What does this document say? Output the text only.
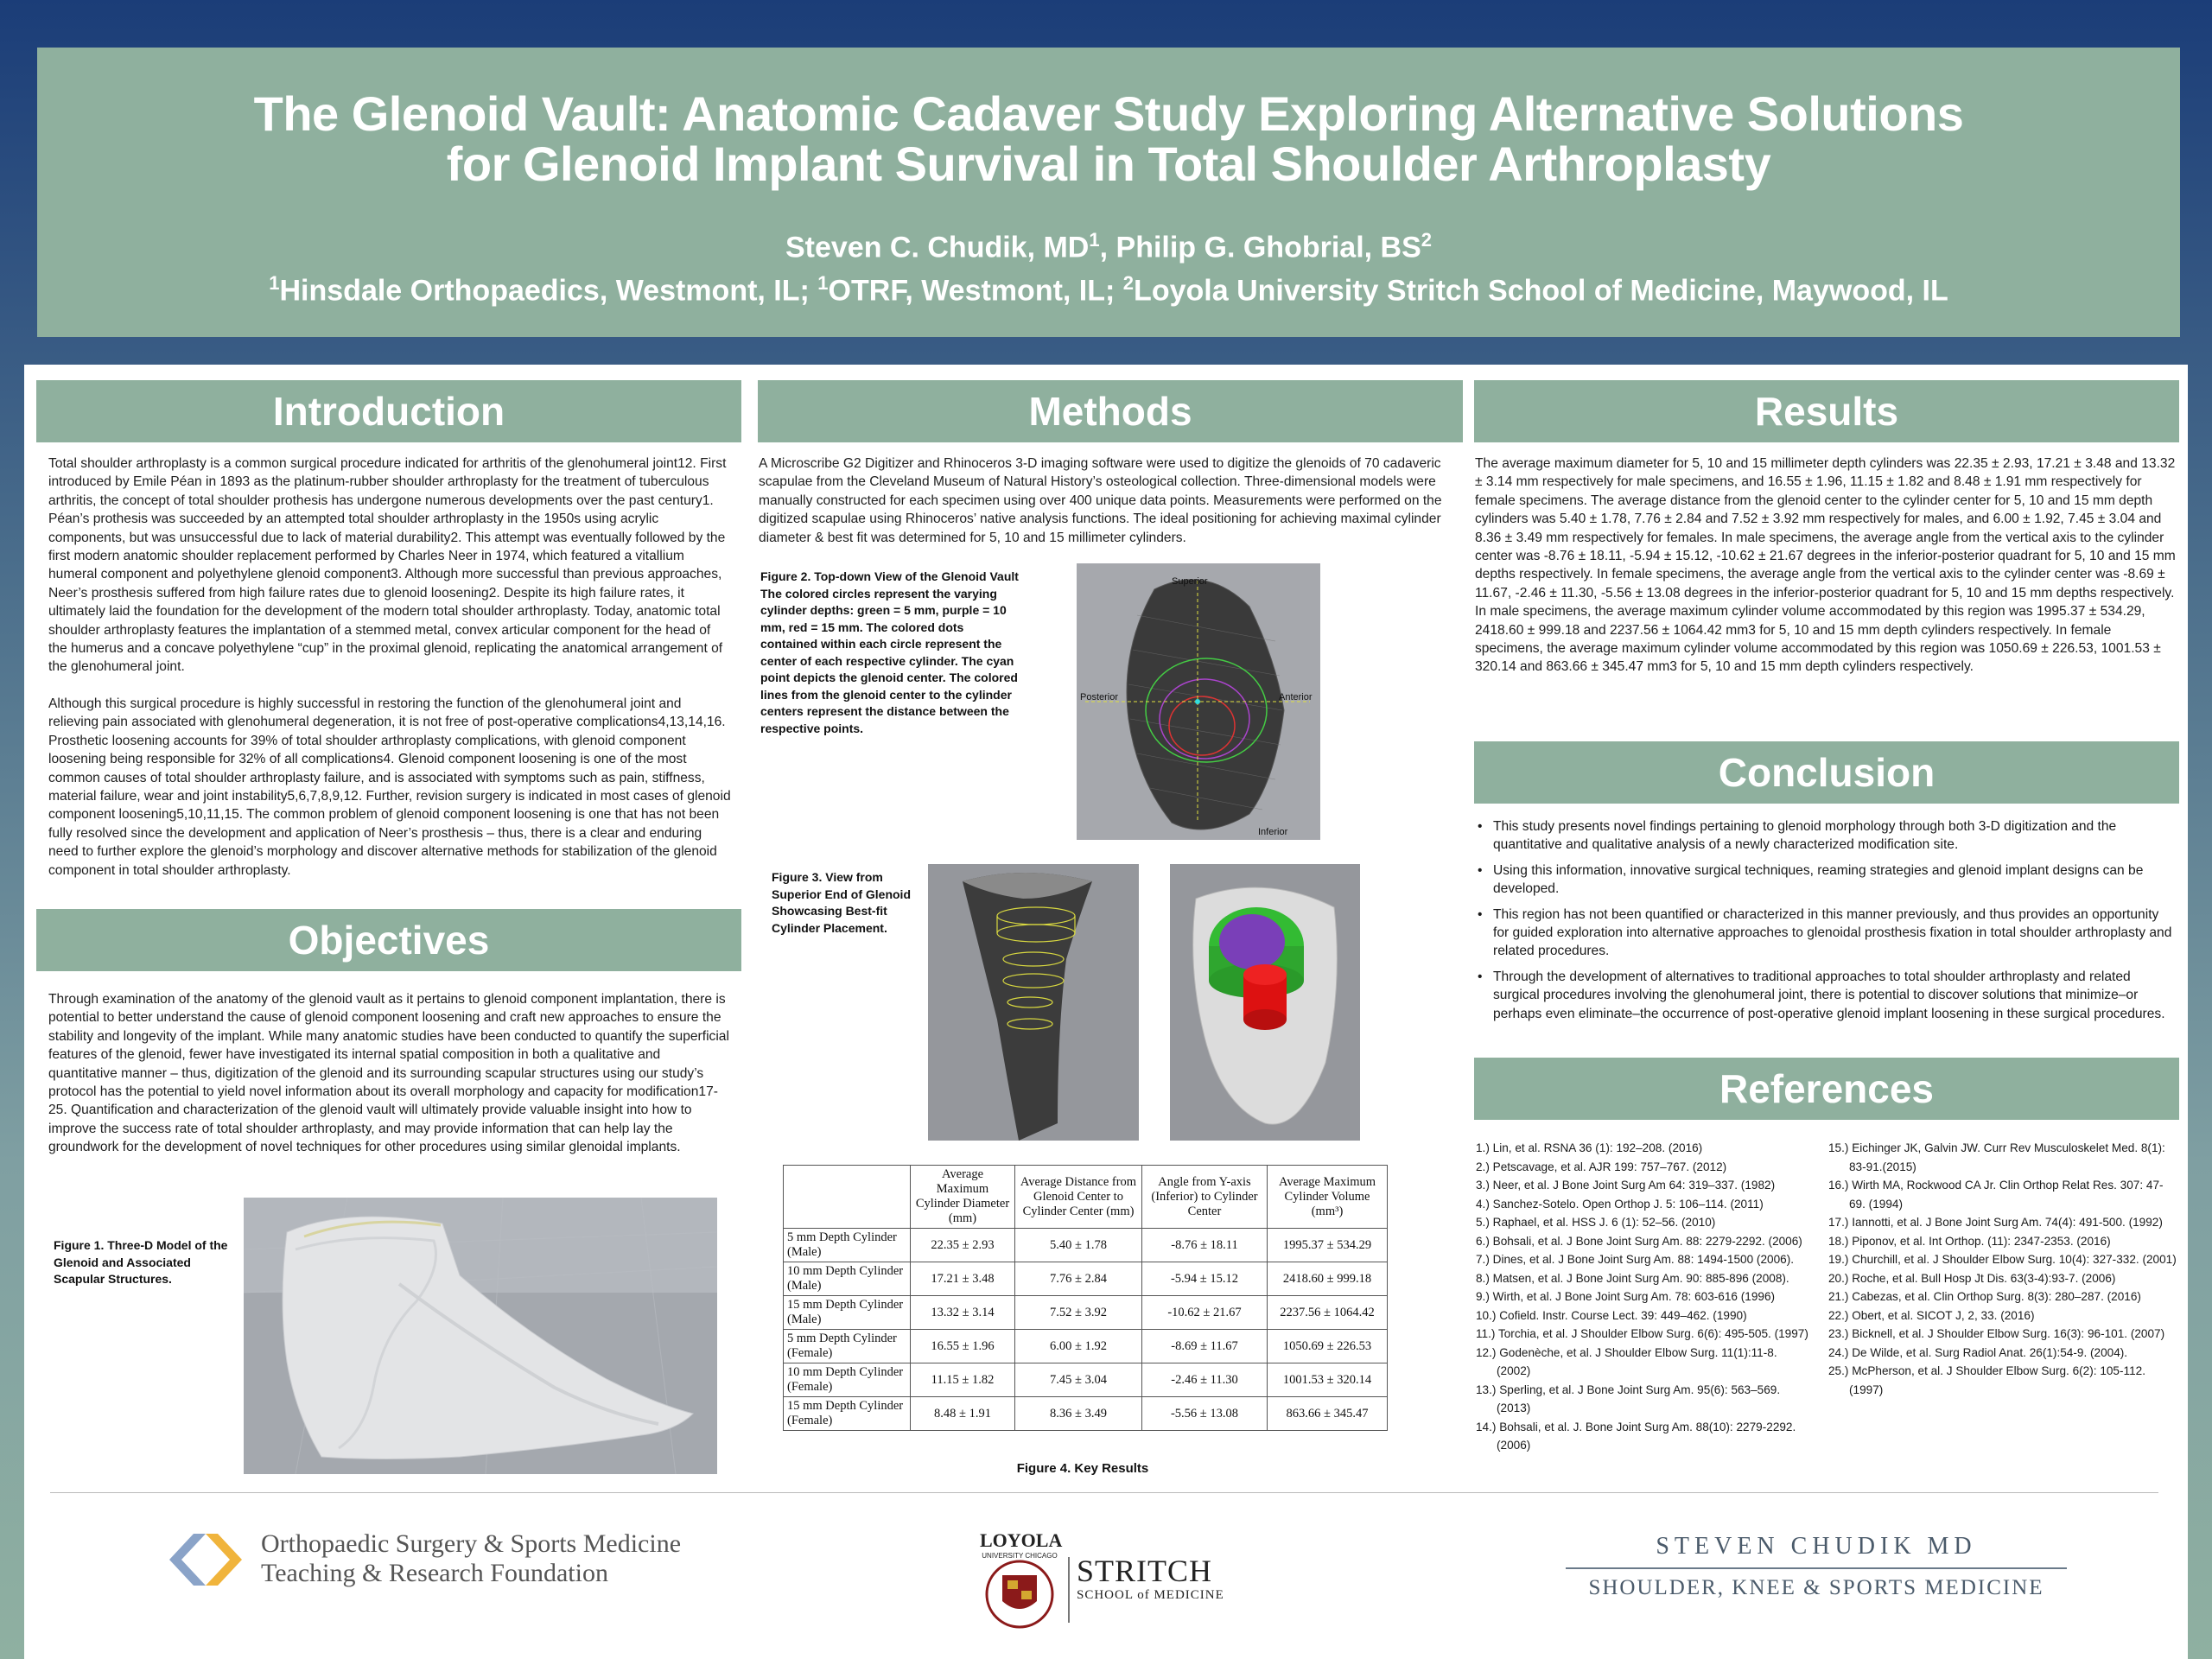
The Glenoid Vault: Anatomic Cadaver Study Exploring Alternative Solutions
for Glenoid Implant Survival in Total Shoulder Arthroplasty
Steven C. Chudik, $MD^1$, Philip G. Ghobrial, $BS^2$
$^1$Hinsdale Orthopaedics, Westmont, IL; $^1$OTRF, Westmont, IL; $^2$Loyola University Stritch School of Medicine, Maywood, IL
Introduction

Total shoulder arthroplasty is a common surgical procedure indicated for arthritis of the glenohumeral joint12. First introduced by Emile Péan in 1893 as the platinum-rubber shoulder arthroplasty for the treatment of tuberculous arthritis, the concept of total shoulder prothesis has undergone numerous developments over the past century1. Péan’s prothesis was succeeded by an attempted total shoulder arthroplasty in the 1950s using acrylic components, but was unsuccessful due to lack of material durability2. This attempt was eventually followed by the first modern anatomic shoulder replacement performed by Charles Neer in 1974, which featured a vitallium humeral component and polyethylene glenoid component3. Although more successful than previous approaches, Neer’s prosthesis suffered from high failure rates due to glenoid loosening2. Despite its high failure rates, it ultimately laid the foundation for the development of the modern total shoulder arthroplasty. Today, anatomic total shoulder arthroplasty features the implantation of a stemmed metal, convex articular component for the head of the humerus and a concave polyethylene “cup” in the proximal glenoid, replicating the anatomical arrangement of the glenohumeral joint.

Although this surgical procedure is highly successful in restoring the function of the glenohumeral joint and relieving pain associated with glenohumeral degeneration, it is not free of post-operative complications4,13,14,16. Prosthetic loosening accounts for 39% of total shoulder arthroplasty complications, with glenoid component loosening being responsible for 32% of all complications4. Glenoid component loosening is one of the most common causes of total shoulder arthroplasty failure, and is associated with symptoms such as pain, stiffness, material failure, wear and joint instability5,6,7,8,9,12. Further, revision surgery is indicated in most cases of glenoid component loosening5,10,11,15. The common problem of glenoid component loosening is one that has not been fully resolved since the development and application of Neer’s prosthesis – thus, there is a clear and enduring need to further explore the glenoid’s morphology and discover alternative methods for stabilization of the glenoid component in total shoulder arthroplasty.

Objectives

Through examination of the anatomy of the glenoid vault as it pertains to glenoid component implantation, there is potential to better understand the cause of glenoid component loosening and craft new approaches to ensure the stability and longevity of the implant. While many anatomic studies have been conducted to quantify the superficial features of the glenoid, fewer have investigated its internal spatial composition in both a qualitative and quantitative manner – thus, digitization of the glenoid and its surrounding scapular structures using our study’s protocol has the potential to yield novel information about its overall morphology and capacity for modification17-25. Quantification and characterization of the glenoid vault will ultimately provide valuable insight into how to improve the success rate of total shoulder arthroplasty, and may provide information that can help lay the groundwork for the development of novel techniques for other procedures using similar glenoidal implants.

Figure 1. Three-D Model of the Glenoid and Associated Scapular Structures.
Methods
A Microscribe G2 Digitizer and Rhinoceros 3-D imaging software were used to digitize the glenoids of 70 cadaveric scapulae from the Cleveland Museum of Natural History’s osteological collection. Three-dimensional models were manually constructed for each specimen using over 400 unique data points. Measurements were performed on the digitized scapulae using Rhinoceros’ native analysis functions. The ideal positioning for achieving maximal cylinder diameter & best fit was determined for 5, 10 and 15 millimeter cylinders.
Figure 2. Top-down View of the Glenoid Vault The colored circles represent the varying cylinder depths: green = 5 mm, purple = 10 mm, red = 15 mm. The colored dots contained within each circle represent the center of each respective cylinder. The cyan point depicts the glenoid center. The colored lines from the glenoid center to the cylinder centers represent the distance between the respective points.
Superior
Posterior	Anterior
Inferior
Figure 3. View from Superior End of Glenoid Showcasing Best-fit Cylinder Placement.
	Average Maximum Cylinder Diameter (mm)	Average Distance from Glenoid Center to Cylinder Center (mm)	Angle from Y-axis (Inferior) to Cylinder Center	Average Maximum Cylinder Volume (mm³)
5 mm Depth Cylinder (Male)	22.35 ± 2.93	5.40 ± 1.78	-8.76 ± 18.11	1995.37 ± 534.29
10 mm Depth Cylinder (Male)	17.21 ± 3.48	7.76 ± 2.84	-5.94 ± 15.12	2418.60 ± 999.18
15 mm Depth Cylinder (Male)	13.32 ± 3.14	7.52 ± 3.92	-10.62 ± 21.67	2237.56 ± 1064.42
5 mm Depth Cylinder (Female)	16.55 ± 1.96	6.00 ± 1.92	-8.69 ± 11.67	1050.69 ± 226.53
10 mm Depth Cylinder (Female)	11.15 ± 1.82	7.45 ± 3.04	-2.46 ± 11.30	1001.53 ± 320.14
15 mm Depth Cylinder (Female)	8.48 ± 1.91	8.36 ± 3.49	-5.56 ± 13.08	863.66 ± 345.47
Figure 4. Key Results
Results
The average maximum diameter for 5, 10 and 15 millimeter depth cylinders was 22.35 ± 2.93, 17.21 ± 3.48 and 13.32 ± 3.14 mm respectively for male specimens, and 16.55 ± 1.96, 11.15 ± 1.82 and 8.48 ± 1.91 mm respectively for female specimens. The average distance from the glenoid center to the cylinder center for 5, 10 and 15 mm depth cylinders was 5.40 ± 1.78, 7.76 ± 2.84 and 7.52 ± 3.92 mm respectively for males, and 6.00 ± 1.92, 7.45 ± 3.04 and 8.36 ± 3.49 mm respectively for females. In male specimens, the average angle from the vertical axis to the cylinder center was -8.76 ± 18.11, -5.94 ± 15.12, -10.62 ± 21.67 degrees in the inferior-posterior quadrant for 5, 10 and 15 mm depths respectively. In female specimens, the average angle from the vertical axis to the cylinder center was -8.69 ± 11.67, -2.46 ± 11.30, -5.56 ± 13.08 degrees in the inferior-posterior quadrant for 5, 10 and 15 mm depths respectively. In male specimens, the average maximum cylinder volume accommodated by this region was 1995.37 ± 534.29, 2418.60 ± 999.18 and 2237.56 ± 1064.42 mm3 for 5, 10 and 15 mm depth cylinders respectively. In female specimens, the average maximum cylinder volume accommodated by this region was 1050.69 ± 226.53, 1001.53 ± 320.14 and 863.66 ± 345.47 mm3 for 5, 10 and 15 mm depth cylinders respectively.
Conclusion
• This study presents novel findings pertaining to glenoid morphology through both 3-D digitization and the quantitative and qualitative analysis of a newly characterized modification site.
• Using this information, innovative surgical techniques, reaming strategies and glenoid implant designs can be developed.
• This region has not been quantified or characterized in this manner previously, and thus provides an opportunity for guided exploration into alternative approaches to glenoidal prosthesis fixation in total shoulder arthroplasty and related procedures.
• Through the development of alternatives to traditional approaches to total shoulder arthroplasty and related surgical procedures involving the glenohumeral joint, there is potential to discover solutions that minimize–or perhaps even eliminate–the occurrence of post-operative glenoid implant loosening in these surgical procedures.
References
1.) Lin, et al. RSNA 36 (1): 192–208. (2016)
2.) Petscavage, et al. AJR 199: 757–767. (2012)
3.) Neer, et al. J Bone Joint Surg Am 64: 319–337. (1982)
4.) Sanchez-Sotelo. Open Orthop J. 5: 106–114. (2011)
5.) Raphael, et al. HSS J. 6 (1): 52–56. (2010)
6.) Bohsali, et al. J Bone Joint Surg Am. 88: 2279-2292. (2006)
7.) Dines, et al. J Bone Joint Surg Am. 88: 1494-1500 (2006).
8.) Matsen, et al. J Bone Joint Surg Am. 90: 885-896 (2008).
9.) Wirth, et al. J Bone Joint Surg Am. 78: 603-616 (1996)
10.) Cofield. Instr. Course Lect. 39: 449–462. (1990)
11.) Torchia, et al. J Shoulder Elbow Surg. 6(6): 495-505. (1997)
12.) Godenèche, et al. J Shoulder Elbow Surg. 11(1):11-8. (2002)
13.) Sperling, et al. J Bone Joint Surg Am. 95(6): 563–569. (2013)
14.) Bohsali, et al. J. Bone Joint Surg Am. 88(10): 2279-2292. (2006)
15.) Eichinger JK, Galvin JW. Curr Rev Musculoskelet Med. 8(1): 83-91.(2015)
16.) Wirth MA, Rockwood CA Jr. Clin Orthop Relat Res. 307: 47-69. (1994)
17.) Iannotti, et al. J Bone Joint Surg Am. 74(4): 491-500. (1992)
18.) Piponov, et al. Int Orthop. (11): 2347-2353. (2016)
19.) Churchill, et al. J Shoulder Elbow Surg. 10(4): 327-332. (2001)
20.) Roche, et al. Bull Hosp Jt Dis. 63(3-4):93-7. (2006)
21.) Cabezas, et al. Clin Orthop Surg. 8(3): 280–287. (2016)
22.) Obert, et al. SICOT J, 2, 33. (2016)
23.) Bicknell, et al. J Shoulder Elbow Surg. 16(3): 96-101. (2007)
24.) De Wilde, et al. Surg Radiol Anat. 26(1):54-9. (2004).
25.) McPherson, et al. J Shoulder Elbow Surg. 6(2): 105-112. (1997)
Orthopaedic Surgery & Sports Medicine
Teaching & Research Foundation
LOYOLA
UNIVERSITY CHICAGO STRITCH
SCHOOL of MEDICINE
STEVEN CHUDIK MD
SHOULDER, KNEE & SPORTS MEDICINE
